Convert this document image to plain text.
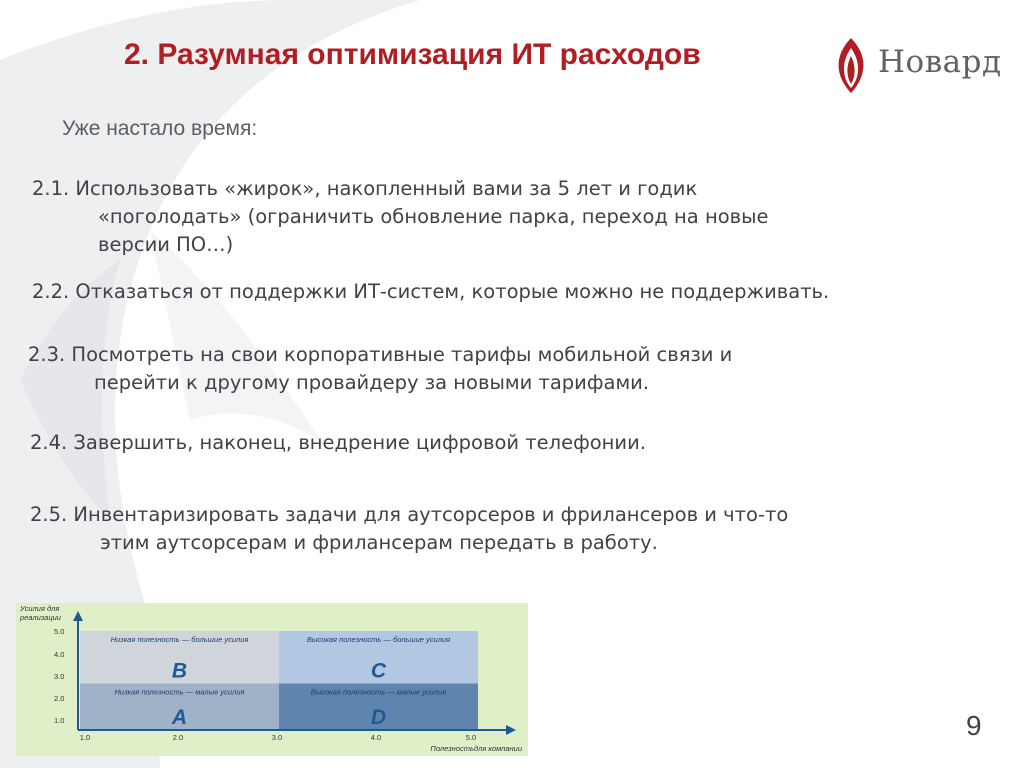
2. Разумная оптимизация ИТ расходов	Новард
Уже настало время:
2.1. Использовать «жирок», накопленный вами за 5 лет и годик
«поголодать» (ограничить обновление парка, переход на новые
версии ПО…)
2.2. Отказаться от поддержки ИТ-систем, которые можно не поддерживать.
2.3. Посмотреть на свои корпоративные тарифы мобильной связи и
перейти к другому провайдеру за новыми тарифами.
2.4. Завершить, наконец, внедрение цифровой телефонии.
2.5. Инвентаризировать задачи для аутсорсеров и фрилансеров и что-то
этим аутсорсерам и фрилансерам передать в работу.
Низкая полезность — большие усилия
B
Высокая полезность — большие усилия
C
Низкая полезность — малые усилия
A
Высокая полезность — малые усилия
D
Усилия для
реализации
5.0
4.0
3.0
2.0
1.0
1.0	2.0	3.0	4.0	5.0
Полезностьдля компании
9
